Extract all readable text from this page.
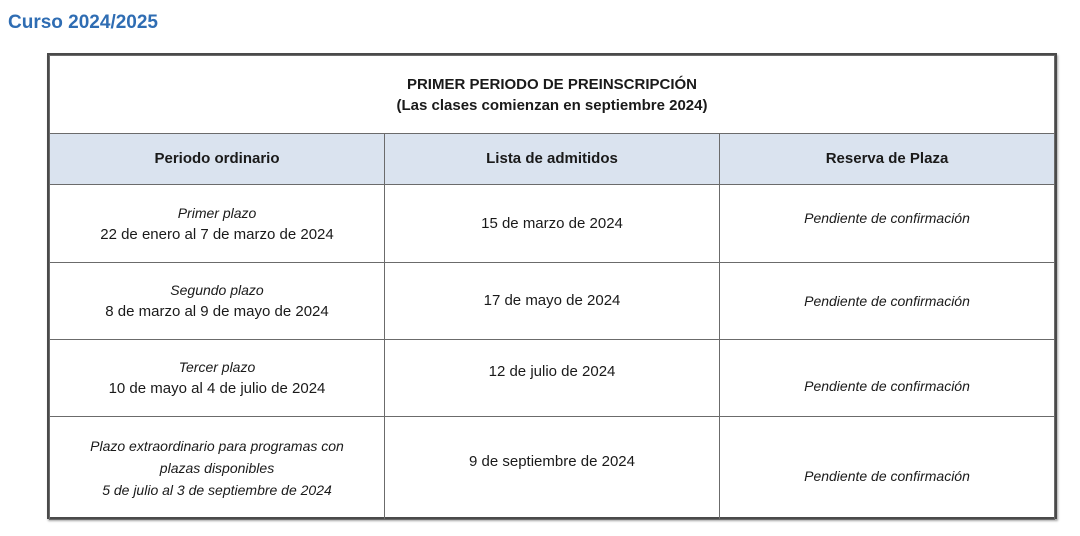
Curso 2024/2025
PRIMER PERIODO DE PREINSCRIPCIÓN
(Las clases comienzan en septiembre 2024)		

Periodo ordinario	Lista de admitidos	Reserva de Plaza

Primer plazo
22 de enero al 7 de marzo de 2024	15 de marzo de 2024	Pendiente de confirmación

Segundo plazo
8 de marzo al 9 de mayo de 2024	17 de mayo de 2024	Pendiente de confirmación

Tercer plazo
10 de mayo al 4 de julio de 2024	12 de julio de 2024	Pendiente de confirmación

Plazo extraordinario para programas con
plazas disponibles
5 de julio al 3 de septiembre de 2024	9 de septiembre de 2024	Pendiente de confirmación
